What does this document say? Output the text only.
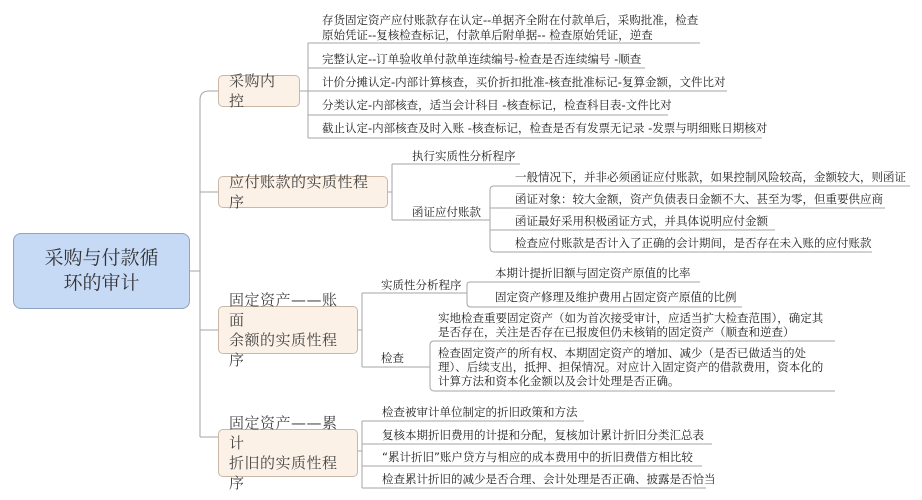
采购与付款循
环的审计
采购内控
存货固定资产应付账款存在认定--单据齐全附在付款单后，采购批准，检查
原始凭证--复核检查标记，付款单后附单据-- 检查原始凭证，逆查
完整认定--订单验收单付款单连续编号-检查是否连续编号 -顺查
计价分摊认定-内部计算核查，买价折扣批准-核查批准标记-复算金额，文件比对
分类认定-内部核查，适当会计科目 -核查标记，检查科目表-文件比对
截止认定-内部核查及时入账 -核查标记，检查是否有发票无记录 -发票与明细账日期核对
应付账款的实质性程序
执行实质性分析程序
函证应付账款
一般情况下，并非必须函证应付账款，如果控制风险较高，金额较大，则函证
函证对象：较大金额，资产负债表日金额不大、甚至为零，但重要供应商
函证最好采用积极函证方式，并具体说明应付金额
检查应付账款是否计入了正确的会计期间，是否存在未入账的应付账款
固定资产——账面
余额的实质性程序
实质性分析程序
检查
本期计提折旧额与固定资产原值的比率
固定资产修理及维护费用占固定资产原值的比例
实地检查重要固定资产（如为首次接受审计，应适当扩大检查范围），确定其
是否存在，关注是否存在已报废但仍未核销的固定资产（顺查和逆查）
检查固定资产的所有权、本期固定资产的增加、减少（是否已做适当的处
理）、后续支出，抵押、担保情况。对应计入固定资产的借款费用，资本化的
计算方法和资本化金额以及会计处理是否正确。
固定资产——累计
折旧的实质性程序
检查被审计单位制定的折旧政策和方法
复核本期折旧费用的计提和分配，复核加计累计折旧分类汇总表
“累计折旧”账户贷方与相应的成本费用中的折旧费借方相比较
检查累计折旧的减少是否合理、会计处理是否正确、披露是否恰当
